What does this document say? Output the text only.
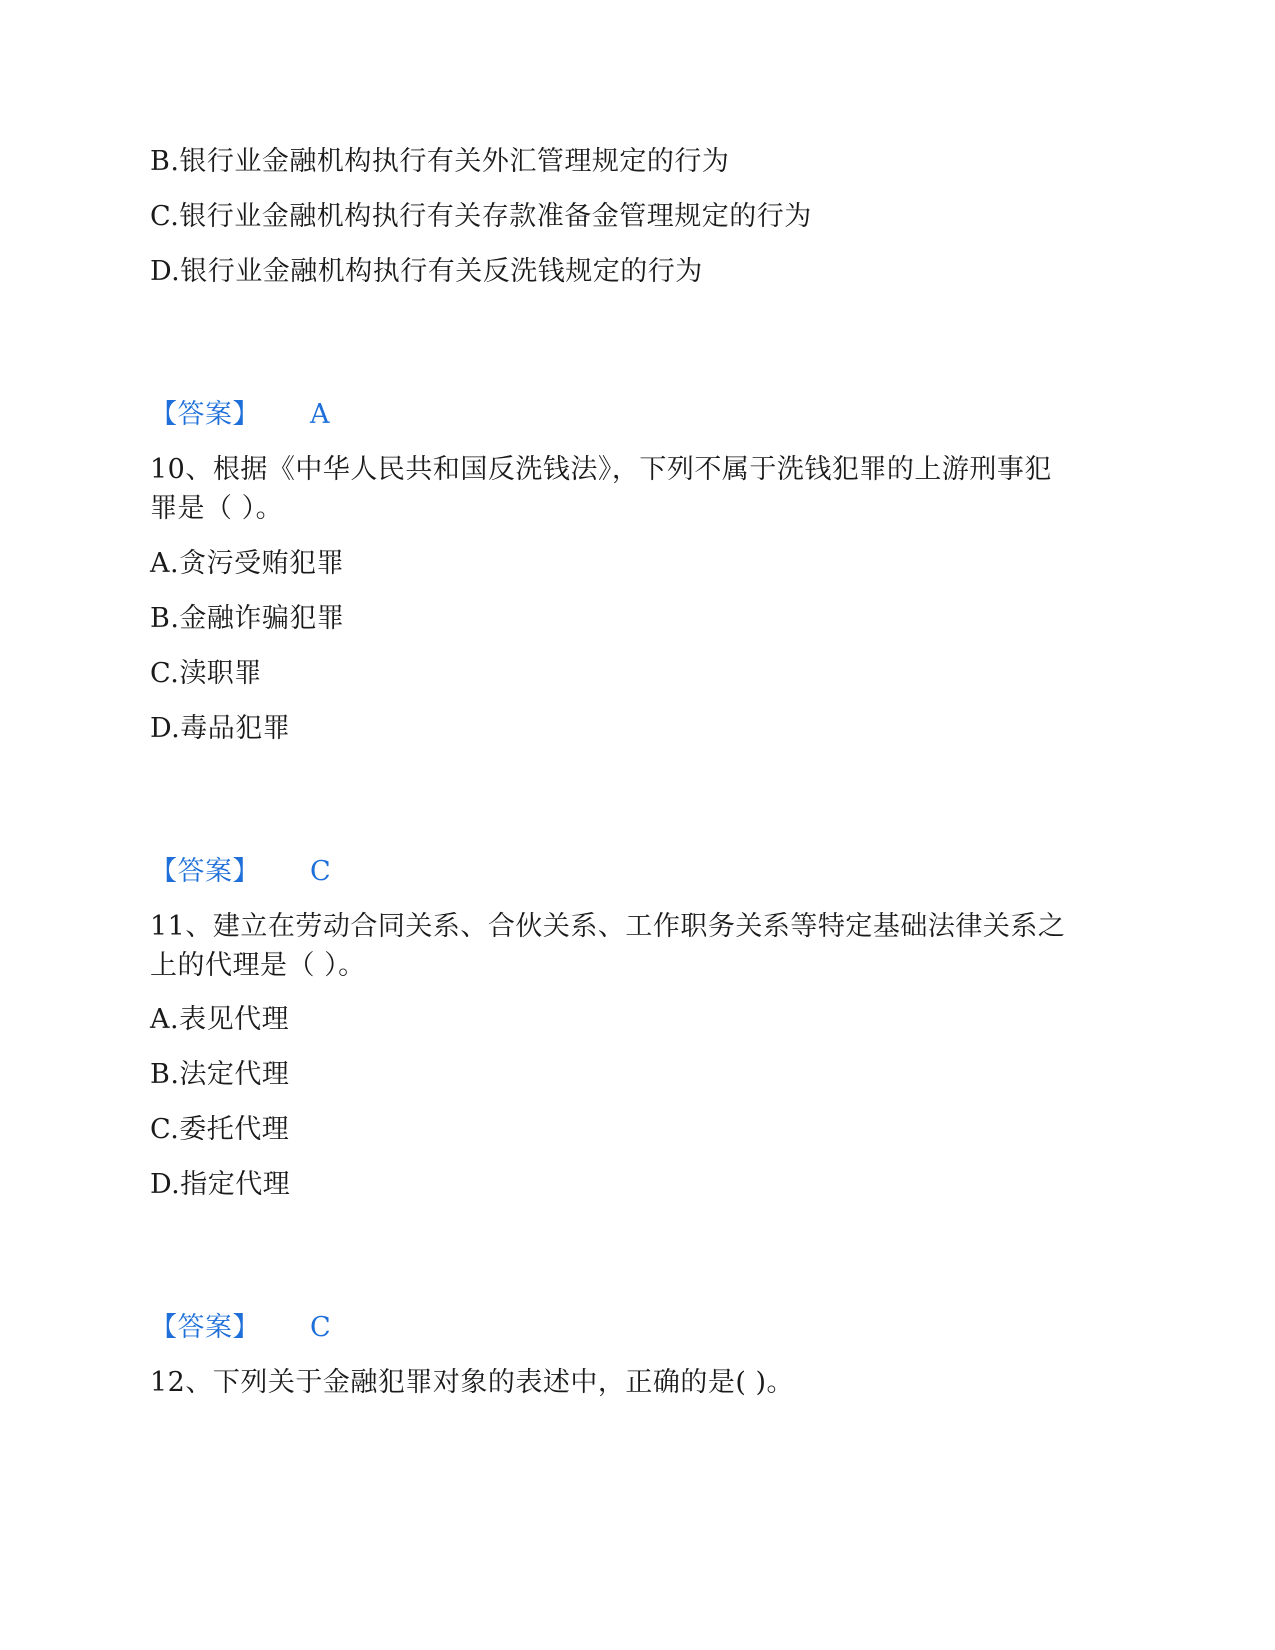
B.银行业金融机构执行有关外汇管理规定的行为
C.银行业金融机构执行有关存款准备金管理规定的行为
D.银行业金融机构执行有关反洗钱规定的行为
【答案】 A
10、根据《中华人民共和国反洗钱法》，下列不属于洗钱犯罪的上游刑事犯
罪是（ ）。
A.贪污受贿犯罪
B.金融诈骗犯罪
C.渎职罪
D.毒品犯罪
【答案】 C
11、建立在劳动合同关系、合伙关系、工作职务关系等特定基础法律关系之
上的代理是（ ）。
A.表见代理
B.法定代理
C.委托代理
D.指定代理
【答案】 C
12、下列关于金融犯罪对象的表述中，正确的是( )。
